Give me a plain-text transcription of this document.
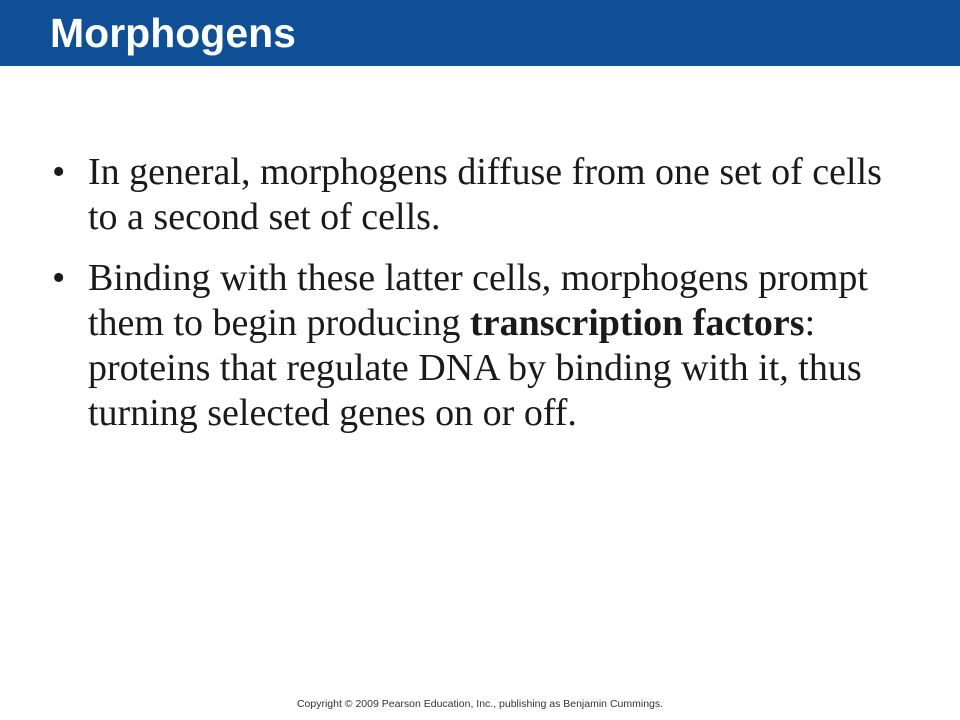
Morphogens
• In general, morphogens diffuse from one set of cells to a second set of cells.
• Binding with these latter cells, morphogens prompt them to begin producing transcription factors: proteins that regulate DNA by binding with it, thus turning selected genes on or off.
Copyright © 2009 Pearson Education, Inc., publishing as Benjamin Cummings.
